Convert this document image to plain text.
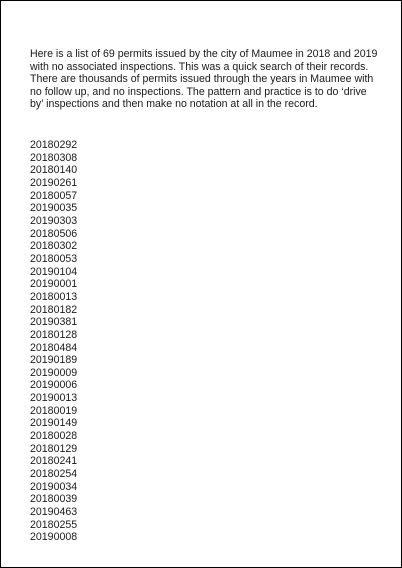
Here is a list of 69 permits issued by the city of Maumee in 2018 and 2019 with no associated inspections. This was a quick search of their records. There are thousands of permits issued through the years in Maumee with no follow up, and no inspections. The pattern and practice is to do ‘drive by’ inspections and then make no notation at all in the record.

20180292
20180308
20180140
20190261
20180057
20190035
20190303
20180506
20180302
20180053
20190104
20190001
20180013
20180182
20190381
20180128
20180484
20190189
20190009
20190006
20190013
20180019
20190149
20180028
20180129
20180241
20180254
20190034
20180039
20190463
20180255
20190008
